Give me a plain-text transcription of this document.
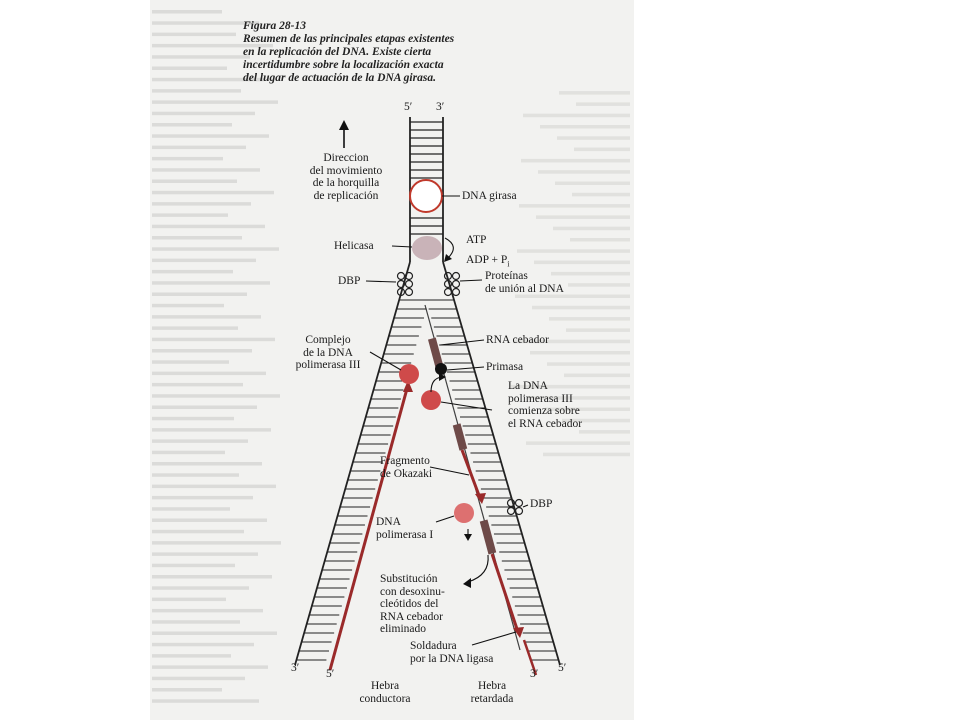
Figura 28-13
Resumen de las principales etapas existentes
en la replicación del DNA. Existe cierta
incertidumbre sobre la localización exacta
del lugar de actuación de la DNA girasa.
5′ 3′
Direccion
del movimiento
de la horquilla
de replicación	DNA girasa
ATP
ADP + $P_i$
Helicasa
DBP	Proteínas
de unión al DNA
RNA cebador
Complejo
de la DNA
polimerasa III	Primasa
La DNA
polimerasa III
comienza sobre
el RNA cebador
Fragmento
de Okazaki
DBP
DNA
polimerasa I
Substitución
con desoxinu-
cleótidos del
RNA cebador
eliminado
Soldadura
por la DNA ligasa
3′ 5′	3′ 5′
Hebra
conductora
Hebra
retardada
